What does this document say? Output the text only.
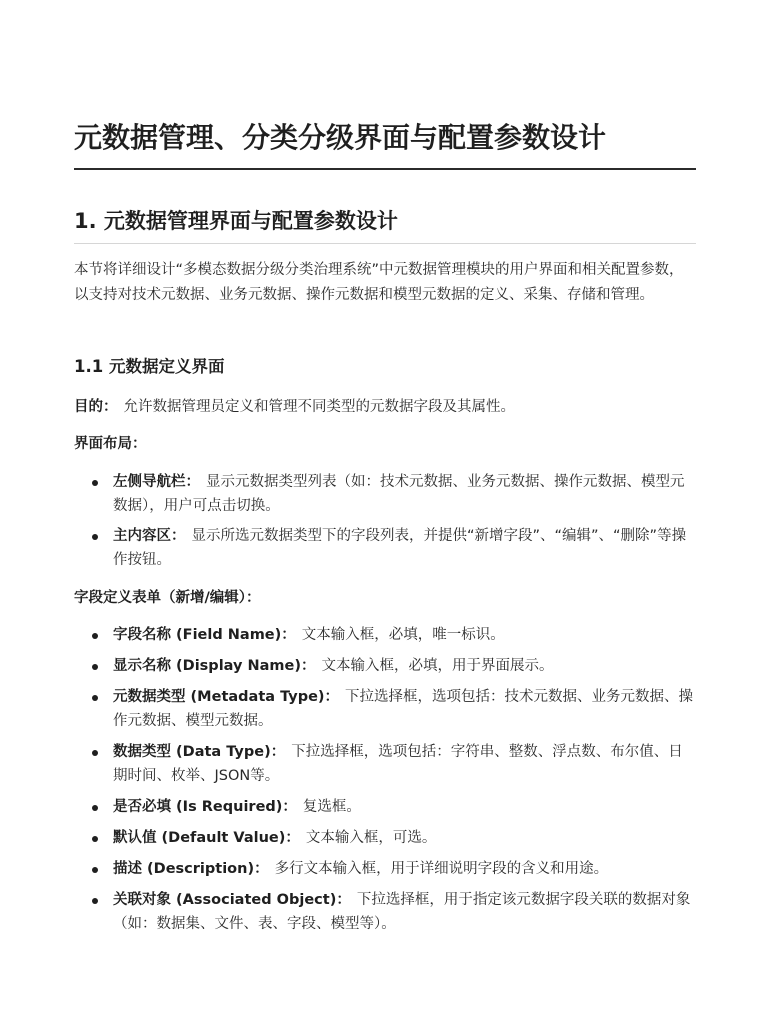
元数据管理、分类分级界面与配置参数设计
1. 元数据管理界面与配置参数设计

本节将详细设计“多模态数据分级分类治理系统”中元数据管理模块的用户界面和相关配置参数，以支持对技术元数据、业务元数据、操作元数据和模型元数据的定义、采集、存储和管理。

1.1 元数据定义界面

目的： 允许数据管理员定义和管理不同类型的元数据字段及其属性。

界面布局：

左侧导航栏： 显示元数据类型列表（如：技术元数据、业务元数据、操作元数据、模型元数据），用户可点击切换。
主内容区： 显示所选元数据类型下的字段列表，并提供“新增字段”、“编辑”、“删除”等操作按钮。

字段定义表单（新增/编辑）：

字段名称 (Field Name)： 文本输入框，必填，唯一标识。
显示名称 (Display Name)： 文本输入框，必填，用于界面展示。
元数据类型 (Metadata Type)： 下拉选择框，选项包括：技术元数据、业务元数据、操作元数据、模型元数据。
数据类型 (Data Type)： 下拉选择框，选项包括：字符串、整数、浮点数、布尔值、日期时间、枚举、JSON等。
是否必填 (Is Required)： 复选框。
默认值 (Default Value)： 文本输入框，可选。
描述 (Description)： 多行文本输入框，用于详细说明字段的含义和用途。
关联对象 (Associated Object)： 下拉选择框，用于指定该元数据字段关联的数据对象（如：数据集、文件、表、字段、模型等）。
